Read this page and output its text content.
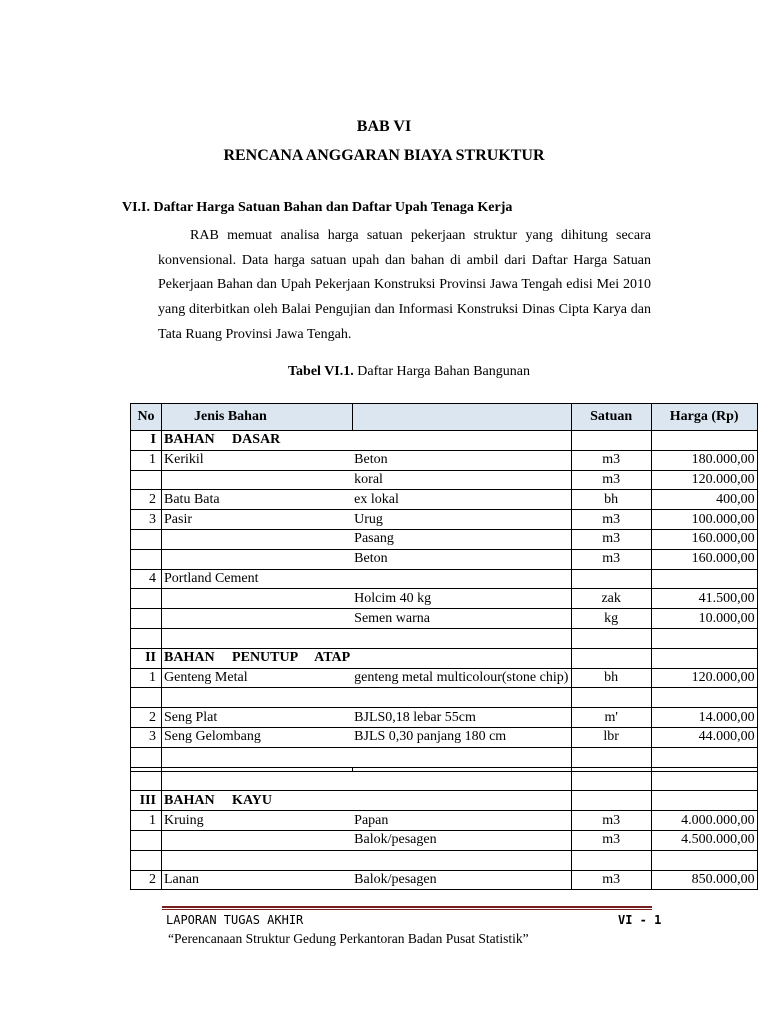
BAB VI
RENCANA ANGGARAN BIAYA STRUKTUR
VI.I. Daftar Harga Satuan Bahan dan Daftar Upah Tenaga Kerja

RAB memuat analisa harga satuan pekerjaan struktur yang dihitung secara konvensional. Data harga satuan upah dan bahan di ambil dari Daftar Harga Satuan Pekerjaan Bahan dan Upah Pekerjaan Konstruksi Provinsi Jawa Tengah edisi Mei 2010 yang diterbitkan oleh Balai Pengujian dan Informasi Konstruksi Dinas Cipta Karya dan Tata Ruang Provinsi Jawa Tengah.

Tabel VI.1. Daftar Harga Bahan Bangunan
No	Jenis Bahan		Satuan	Harga (Rp)
I	BAHAN DASAR			
1	Kerikil	Beton	m3	180.000,00
		koral	m3	120.000,00
2	Batu Bata	ex lokal	bh	400,00
3	Pasir	Urug	m3	100.000,00
		Pasang	m3	160.000,00
		Beton	m3	160.000,00
4	Portland Cement			
		Holcim 40 kg	zak	41.500,00
		Semen warna	kg	10.000,00

II	BAHAN PENUTUP ATAP			
1	Genteng Metal	genteng metal multicolour(stone chip)	bh	120.000,00

2	Seng Plat	BJLS0,18 lebar 55cm	m'	14.000,00
3	Seng Gelombang	BJLS 0,30 panjang 180 cm	lbr	44.000,00

III	BAHAN KAYU			
1	Kruing	Papan	m3	4.000.000,00
		Balok/pesagen	m3	4.500.000,00

2	Lanan	Balok/pesagen	m3	850.000,00
LAPORAN TUGAS AKHIR	VI - 1
“Perencanaan Struktur Gedung Perkantoran Badan Pusat Statistik”
